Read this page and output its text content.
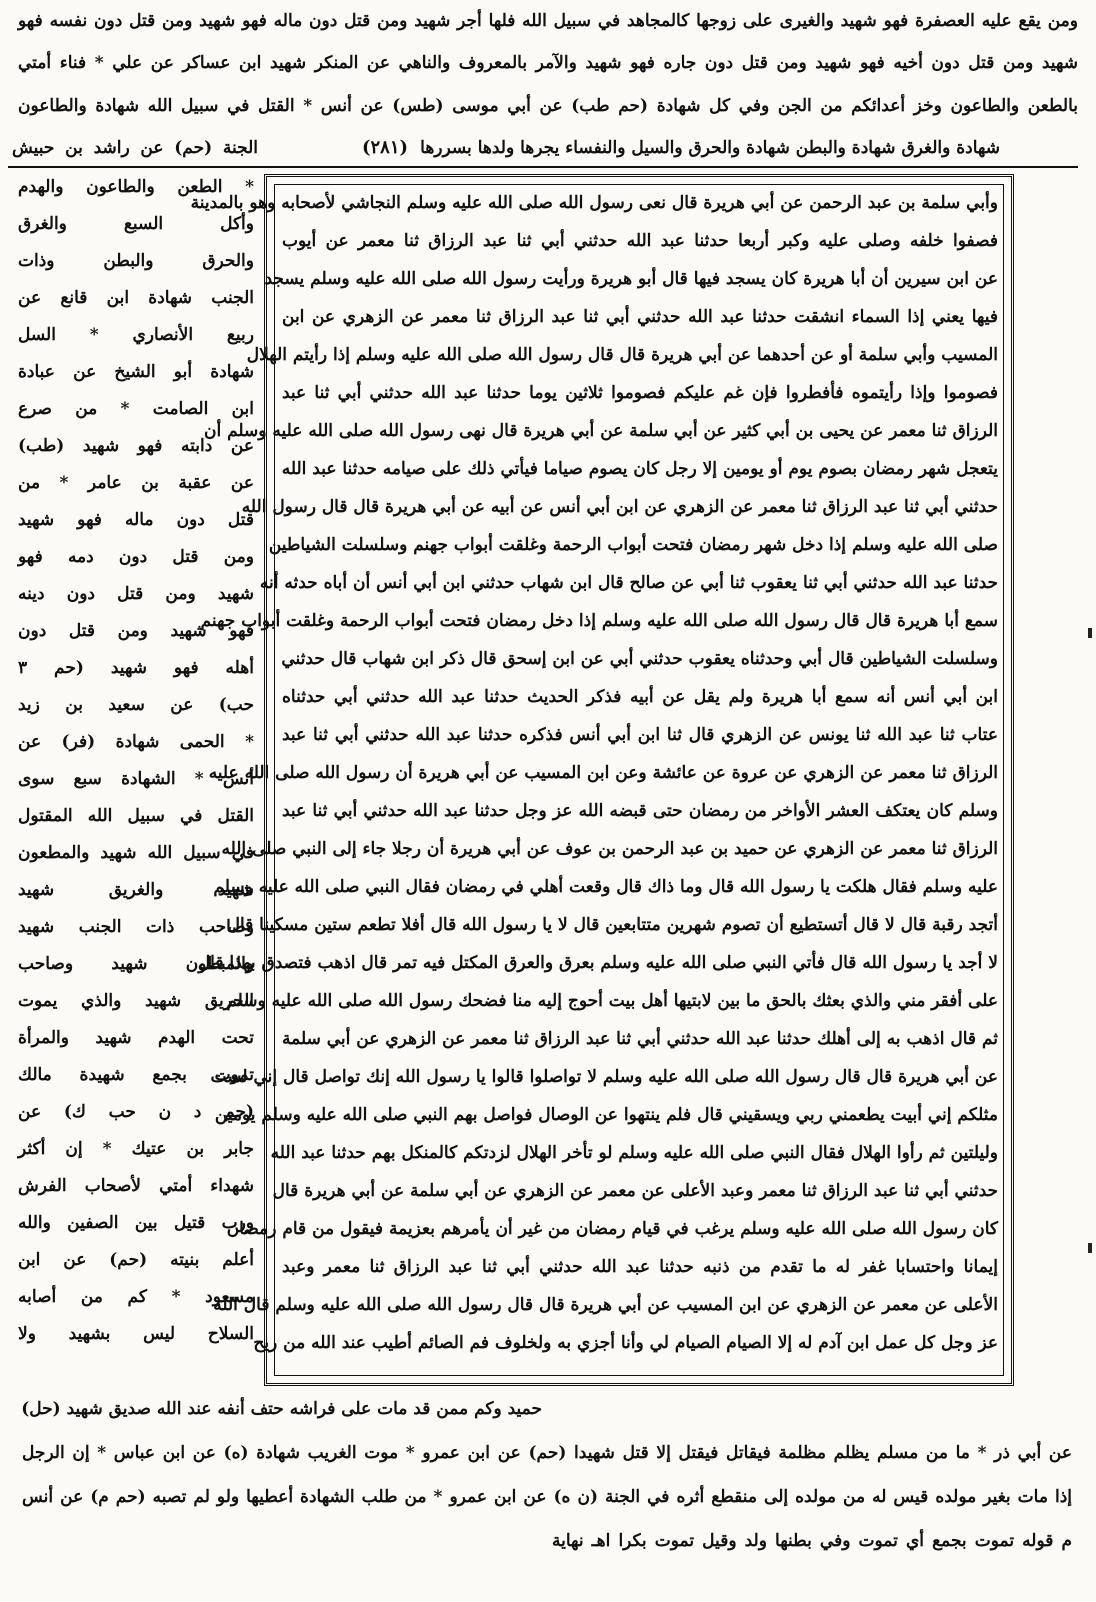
(٢٨١)
ومن يقع عليه العصفرة فهو شهيد والغيرى على زوجها كالمجاهد في سبيل الله فلها أجر شهيد ومن قتل دون ماله فهو شهيد ومن قتل دون نفسه فهو
شهيد ومن قتل دون أخيه فهو شهيد ومن قتل دون جاره فهو شهيد والآمر بالمعروف والناهي عن المنكر شهيد ابن عساكر عن علي * فناء أمتي
بالطعن والطاعون وخز أعدائكم من الجن وفي كل شهادة (حم طب) عن أبي موسى (طس) عن أنس * القتل في سبيل الله شهادة والطاعون
شهادة والغرق شهادة والبطن شهادة والحرق والسيل والنفساء يجرها ولدها بسررها
وأبي سلمة بن عبد الرحمن عن أبي هريرة قال نعى رسول الله صلى الله عليه وسلم النجاشي لأصحابه وهو بالمدينة
فصفوا خلفه وصلى عليه وكبر أربعا حدثنا عبد الله حدثني أبي ثنا عبد الرزاق ثنا معمر عن أيوب
عن ابن سيرين أن أبا هريرة كان يسجد فيها قال أبو هريرة ورأيت رسول الله صلى الله عليه وسلم يسجد
فيها يعني إذا السماء انشقت حدثنا عبد الله حدثني أبي ثنا عبد الرزاق ثنا معمر عن الزهري عن ابن
المسيب وأبي سلمة أو عن أحدهما عن أبي هريرة قال قال رسول الله صلى الله عليه وسلم إذا رأيتم الهلال
فصوموا وإذا رأيتموه فأفطروا فإن غم عليكم فصوموا ثلاثين يوما حدثنا عبد الله حدثني أبي ثنا عبد
الرزاق ثنا معمر عن يحيى بن أبي كثير عن أبي سلمة عن أبي هريرة قال نهى رسول الله صلى الله عليه وسلم أن
يتعجل شهر رمضان بصوم يوم أو يومين إلا رجل كان يصوم صياما فيأتي ذلك على صيامه حدثنا عبد الله
حدثني أبي ثنا عبد الرزاق ثنا معمر عن الزهري عن ابن أبي أنس عن أبيه عن أبي هريرة قال قال رسول الله
صلى الله عليه وسلم إذا دخل شهر رمضان فتحت أبواب الرحمة وغلقت أبواب جهنم وسلسلت الشياطين
حدثنا عبد الله حدثني أبي ثنا يعقوب ثنا أبي عن صالح قال ابن شهاب حدثني ابن أبي أنس أن أباه حدثه أنه
سمع أبا هريرة قال قال رسول الله صلى الله عليه وسلم إذا دخل رمضان فتحت أبواب الرحمة وغلقت أبواب جهنم
وسلسلت الشياطين قال أبي وحدثناه يعقوب حدثني أبي عن ابن إسحق قال ذكر ابن شهاب قال حدثني
ابن أبي أنس أنه سمع أبا هريرة ولم يقل عن أبيه فذكر الحديث حدثنا عبد الله حدثني أبي حدثناه
عتاب ثنا عبد الله ثنا يونس عن الزهري قال ثنا ابن أبي أنس فذكره حدثنا عبد الله حدثني أبي ثنا عبد
الرزاق ثنا معمر عن الزهري عن عروة عن عائشة وعن ابن المسيب عن أبي هريرة أن رسول الله صلى الله عليه
وسلم كان يعتكف العشر الأواخر من رمضان حتى قبضه الله عز وجل حدثنا عبد الله حدثني أبي ثنا عبد
الرزاق ثنا معمر عن الزهري عن حميد بن عبد الرحمن بن عوف عن أبي هريرة أن رجلا جاء إلى النبي صلى الله
عليه وسلم فقال هلكت يا رسول الله قال وما ذاك قال وقعت أهلي في رمضان فقال النبي صلى الله عليه وسلم
أتجد رقبة قال لا قال أتستطيع أن تصوم شهرين متتابعين قال لا يا رسول الله قال أفلا تطعم ستين مسكينا قال
لا أجد يا رسول الله قال فأتي النبي صلى الله عليه وسلم بعرق والعرق المكتل فيه تمر قال اذهب فتصدق بهذا قال
على أفقر مني والذي بعثك بالحق ما بين لابتيها أهل بيت أحوج إليه منا فضحك رسول الله صلى الله عليه وسلم
ثم قال اذهب به إلى أهلك حدثنا عبد الله حدثني أبي ثنا عبد الرزاق ثنا معمر عن الزهري عن أبي سلمة
عن أبي هريرة قال قال رسول الله صلى الله عليه وسلم لا تواصلوا قالوا يا رسول الله إنك تواصل قال إني لست
مثلكم إني أبيت يطعمني ربي ويسقيني قال فلم ينتهوا عن الوصال فواصل بهم النبي صلى الله عليه وسلم يومين
وليلتين ثم رأوا الهلال فقال النبي صلى الله عليه وسلم لو تأخر الهلال لزدتكم كالمنكل بهم حدثنا عبد الله
حدثني أبي ثنا عبد الرزاق ثنا معمر وعبد الأعلى عن معمر عن الزهري عن أبي سلمة عن أبي هريرة قال
كان رسول الله صلى الله عليه وسلم يرغب في قيام رمضان من غير أن يأمرهم بعزيمة فيقول من قام رمضان
إيمانا واحتسابا غفر له ما تقدم من ذنبه حدثنا عبد الله حدثني أبي ثنا عبد الرزاق ثنا معمر وعبد
الأعلى عن معمر عن الزهري عن ابن المسيب عن أبي هريرة قال قال رسول الله صلى الله عليه وسلم قال الله
عز وجل كل عمل ابن آدم له إلا الصيام الصيام لي وأنا أجزي به ولخلوف فم الصائم أطيب عند الله من ريح
الجنة (حم) عن راشد بن حبيش
* الطعن والطاعون والهدم
وأكل السبع والغرق
والحرق والبطن وذات
الجنب شهادة ابن قانع عن
ربيع الأنصاري * السل
شهادة أبو الشيخ عن عبادة
ابن الصامت * من صرع
عن دابته فهو شهيد (طب)
عن عقبة بن عامر * من
قتل دون ماله فهو شهيد
ومن قتل دون دمه فهو
شهيد ومن قتل دون دينه
فهو شهيد ومن قتل دون
أهله فهو شهيد (حم ٣
حب) عن سعيد بن زيد
* الحمى شهادة (فر) عن
أنس * الشهادة سبع سوى
القتل في سبيل الله المقتول
في سبيل الله شهيد والمطعون
شهيد والغريق شهيد
وصاحب ذات الجنب شهيد
والمبطون شهيد وصاحب
الحريق شهيد والذي يموت
تحت الهدم شهيد والمرأة
تموت بجمع شهيدة مالك
(حم د ن حب ك) عن
جابر بن عتيك * إن أكثر
شهداء أمتي لأصحاب الفرش
ورب قتيل بين الصفين والله
أعلم بنيته (حم) عن ابن
مسعود * كم من أصابه
السلاح ليس بشهيد ولا
حميد وكم ممن قد مات على فراشه حتف أنفه عند الله صديق شهيد (حل)
عن أبي ذر * ما من مسلم يظلم مظلمة فيقاتل فيقتل إلا قتل شهيدا (حم) عن ابن عمرو * موت الغريب شهادة (ه) عن ابن عباس * إن الرجل
إذا مات بغير مولده قيس له من مولده إلى منقطع أثره في الجنة (ن ه) عن ابن عمرو * من طلب الشهادة أعطيها ولو لم تصبه (حم م) عن أنس
م قوله تموت بجمع أي تموت وفي بطنها ولد وقيل تموت بكرا اهـ نهاية
